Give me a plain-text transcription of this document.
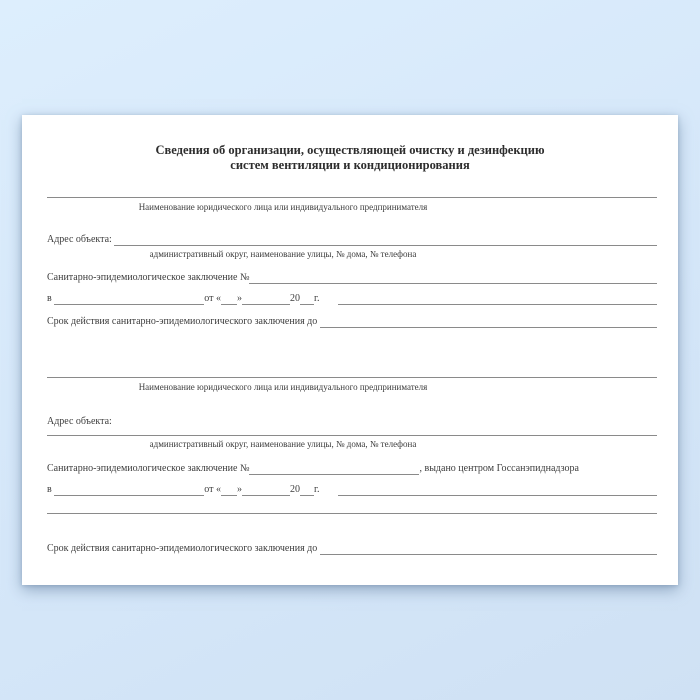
Сведения об организации, осуществляющей очистку и дезинфекцию
систем вентиляции и кондиционирования
Наименование юридического лица или индивидуального предпринимателя
Адрес объекта:
административный округ, наименование улицы, № дома, № телефона
Санитарно-эпидемиологическое заключение №
в	от « »	20 г.
Срок действия санитарно-эпидемиологического заключения до
Наименование юридического лица или индивидуального предпринимателя
Адрес объекта:
административный округ, наименование улицы, № дома, № телефона
Санитарно-эпидемиологическое заключение №	, выдано центром Госсанэпиднадзора
в	от « »	20 г.
Срок действия санитарно-эпидемиологического заключения до
